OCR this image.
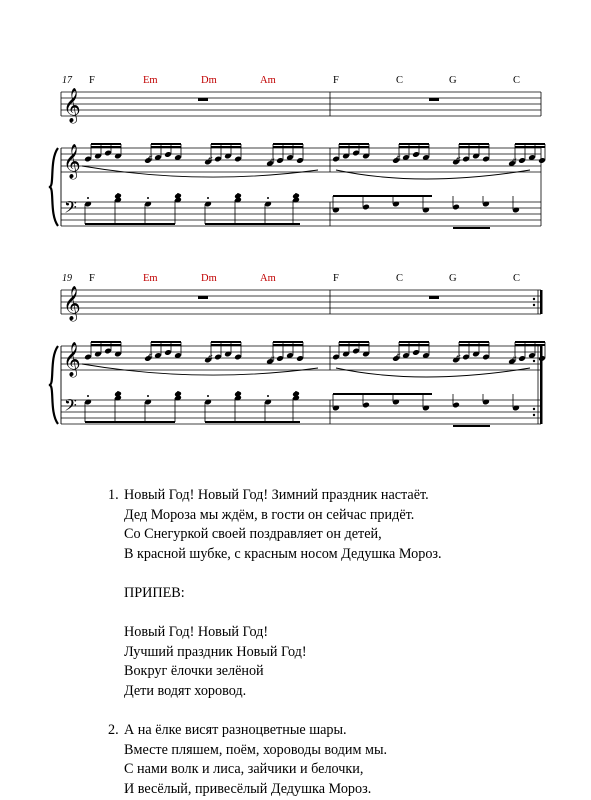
17 F	Em	Dm	Am	F	C	G	C
𝄞
𝄞
𝄢
♯	♯	♯	♯	♯	♯
19 F	Em	Dm	Am	F	C	G	C
𝄞
𝄞
𝄢
♯	♯	♯	♯	♯	♯
1. Новый Год! Новый Год! Зимний праздник настаёт.
Дед Мороза мы ждём, в гости он сейчас придёт.
Со Снегуркой своей поздравляет он детей,
В красной шубке, с красным носом Дедушка Мороз.
ПРИПЕВ:
Новый Год! Новый Год!
Лучший праздник Новый Год!
Вокруг ёлочки зелёной
Дети водят хоровод.
2. А на ёлке висят разноцветные шары.
Вместе пляшем, поём, хороводы водим мы.
С нами волк и лиса, зайчики и белочки,
И весёлый, привесёлый Дедушка Мороз.
